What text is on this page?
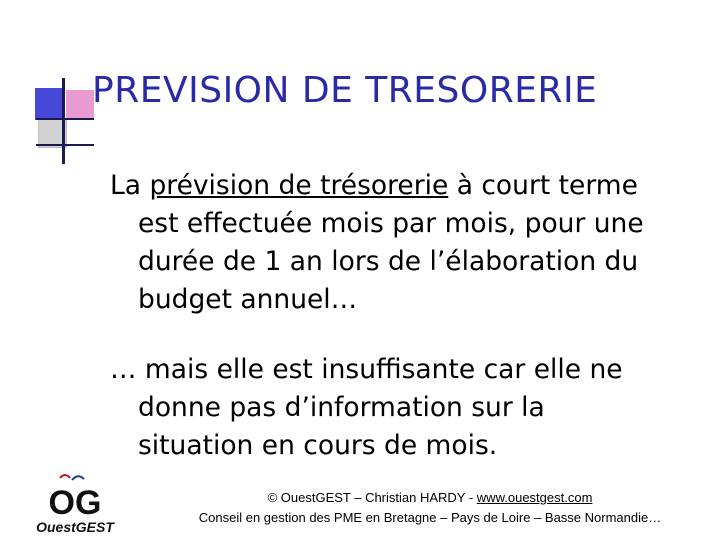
PREVISION DE TRESORERIE
La prévision de trésorerie à court terme
est effectuée mois par mois, pour une
durée de 1 an lors de l’élaboration du
budget annuel…
… mais elle est insuffisante car elle ne
donne pas d’information sur la
situation en cours de mois.
OG
OuestGEST
© OuestGEST – Christian HARDY - www.ouestgest.com
Conseil en gestion des PME en Bretagne – Pays de Loire – Basse Normandie…
